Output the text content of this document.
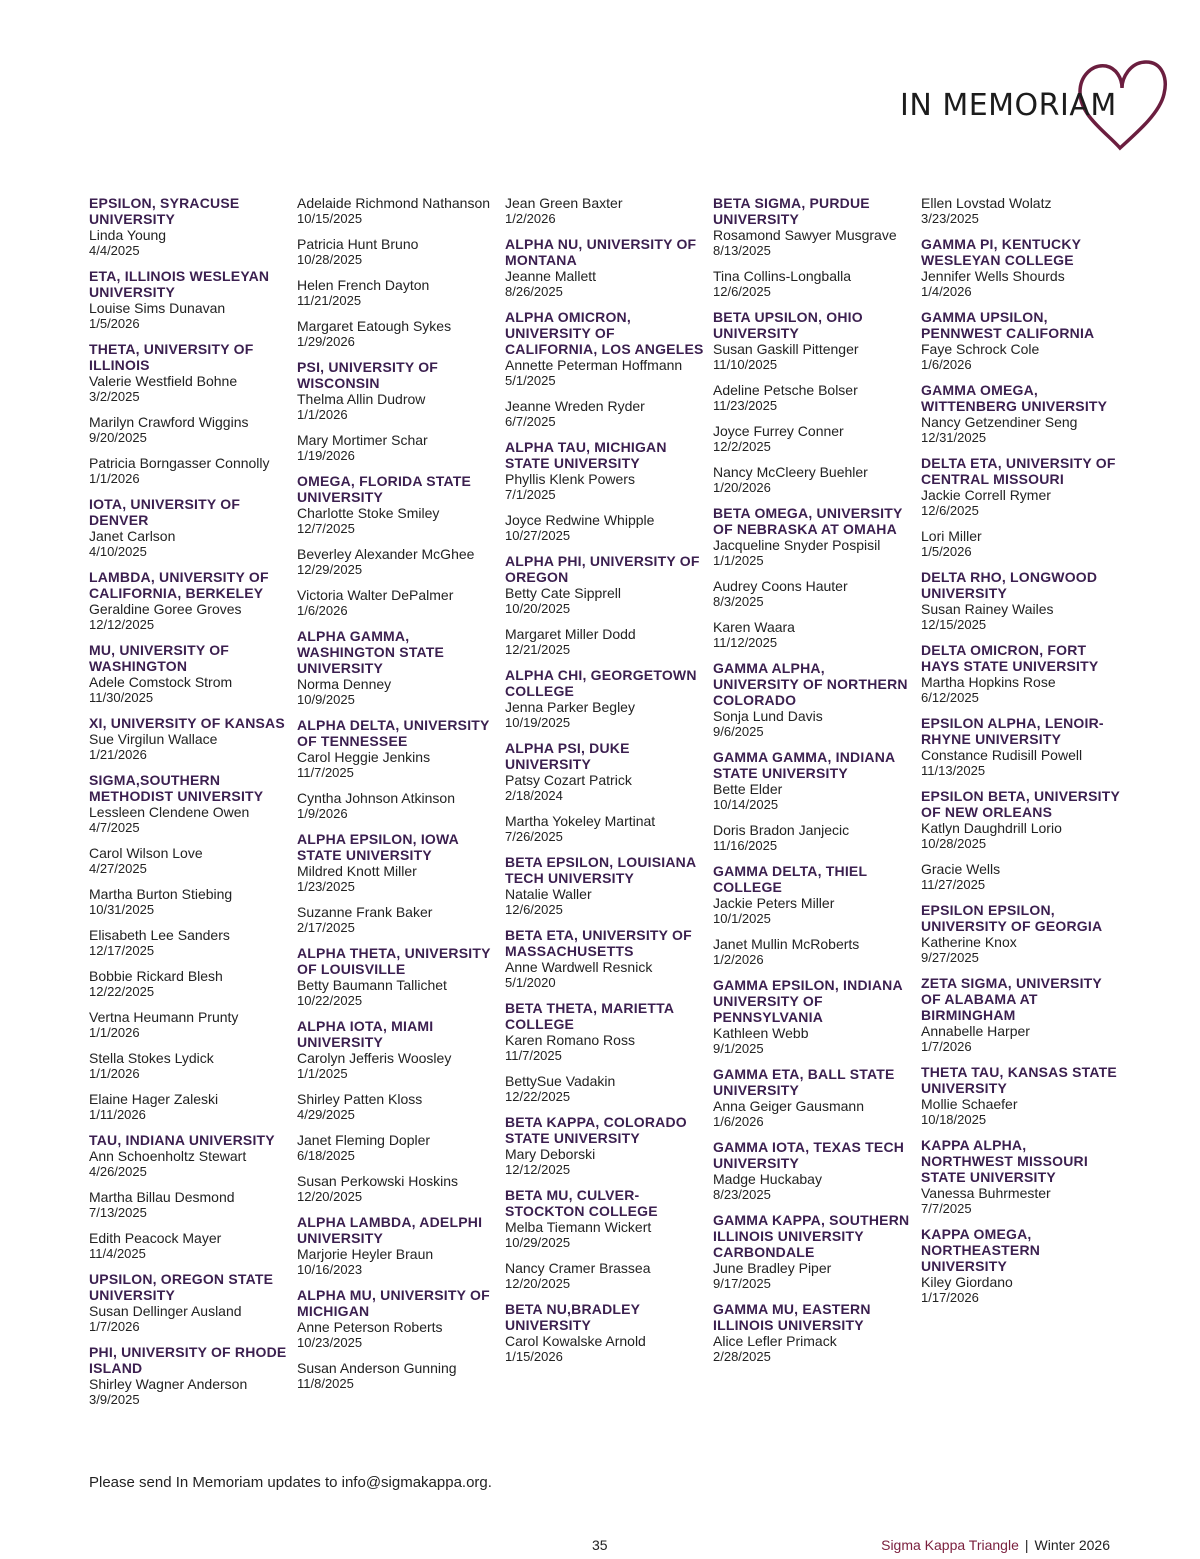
IN MEMORIAM
EPSILON, SYRACUSE UNIVERSITY
Linda Young
4/4/2025
ETA, ILLINOIS WESLEYAN UNIVERSITY
Louise Sims Dunavan
1/5/2026
THETA, UNIVERSITY OF ILLINOIS
Valerie Westfield Bohne
3/2/2025
Marilyn Crawford Wiggins
9/20/2025
Patricia Borngasser Connolly
1/1/2026
IOTA, UNIVERSITY OF DENVER
Janet Carlson
4/10/2025
LAMBDA, UNIVERSITY OF CALIFORNIA, BERKELEY
Geraldine Goree Groves
12/12/2025
MU, UNIVERSITY OF WASHINGTON
Adele Comstock Strom
11/30/2025
XI, UNIVERSITY OF KANSAS
Sue Virgilun Wallace
1/21/2026
SIGMA,SOUTHERN METHODIST UNIVERSITY
Lessleen Clendene Owen
4/7/2025
Carol Wilson Love
4/27/2025
Martha Burton Stiebing
10/31/2025
Elisabeth Lee Sanders
12/17/2025
Bobbie Rickard Blesh
12/22/2025
Vertna Heumann Prunty
1/1/2026
Stella Stokes Lydick
1/1/2026
Elaine Hager Zaleski
1/11/2026
TAU, INDIANA UNIVERSITY
Ann Schoenholtz Stewart
4/26/2025
Martha Billau Desmond
7/13/2025
Edith Peacock Mayer
11/4/2025
UPSILON, OREGON STATE UNIVERSITY
Susan Dellinger Ausland
1/7/2026
PHI, UNIVERSITY OF RHODE ISLAND
Shirley Wagner Anderson
3/9/2025
Adelaide Richmond Nathanson
10/15/2025
Patricia Hunt Bruno
10/28/2025
Helen French Dayton
11/21/2025
Margaret Eatough Sykes
1/29/2026
PSI, UNIVERSITY OF WISCONSIN
Thelma Allin Dudrow
1/1/2026
Mary Mortimer Schar
1/19/2026
OMEGA, FLORIDA STATE UNIVERSITY
Charlotte Stoke Smiley
12/7/2025
Beverley Alexander McGhee
12/29/2025
Victoria Walter DePalmer
1/6/2026
ALPHA GAMMA, WASHINGTON STATE UNIVERSITY
Norma Denney
10/9/2025
ALPHA DELTA, UNIVERSITY OF TENNESSEE
Carol Heggie Jenkins
11/7/2025
Cyntha Johnson Atkinson
1/9/2026
ALPHA EPSILON, IOWA STATE UNIVERSITY
Mildred Knott Miller
1/23/2025
Suzanne Frank Baker
2/17/2025
ALPHA THETA, UNIVERSITY OF LOUISVILLE
Betty Baumann Tallichet
10/22/2025
ALPHA IOTA, MIAMI UNIVERSITY
Carolyn Jefferis Woosley
1/1/2025
Shirley Patten Kloss
4/29/2025
Janet Fleming Dopler
6/18/2025
Susan Perkowski Hoskins
12/20/2025
ALPHA LAMBDA, ADELPHI UNIVERSITY
Marjorie Heyler Braun
10/16/2023
ALPHA MU, UNIVERSITY OF MICHIGAN
Anne Peterson Roberts
10/23/2025
Susan Anderson Gunning
11/8/2025
Jean Green Baxter
1/2/2026
ALPHA NU, UNIVERSITY OF MONTANA
Jeanne Mallett
8/26/2025
ALPHA OMICRON, UNIVERSITY OF CALIFORNIA, LOS ANGELES
Annette Peterman Hoffmann
5/1/2025
Jeanne Wreden Ryder
6/7/2025
ALPHA TAU, MICHIGAN STATE UNIVERSITY
Phyllis Klenk Powers
7/1/2025
Joyce Redwine Whipple
10/27/2025
ALPHA PHI, UNIVERSITY OF OREGON
Betty Cate Sipprell
10/20/2025
Margaret Miller Dodd
12/21/2025
ALPHA CHI, GEORGETOWN COLLEGE
Jenna Parker Begley
10/19/2025
ALPHA PSI, DUKE UNIVERSITY
Patsy Cozart Patrick
2/18/2024
Martha Yokeley Martinat
7/26/2025
BETA EPSILON, LOUISIANA TECH UNIVERSITY
Natalie Waller
12/6/2025
BETA ETA, UNIVERSITY OF MASSACHUSETTS
Anne Wardwell Resnick
5/1/2020
BETA THETA, MARIETTA COLLEGE
Karen Romano Ross
11/7/2025
BettySue Vadakin
12/22/2025
BETA KAPPA, COLORADO STATE UNIVERSITY
Mary Deborski
12/12/2025
BETA MU, CULVER-STOCKTON COLLEGE
Melba Tiemann Wickert
10/29/2025
Nancy Cramer Brassea
12/20/2025
BETA NU,BRADLEY UNIVERSITY
Carol Kowalske Arnold
1/15/2026
BETA SIGMA, PURDUE UNIVERSITY
Rosamond Sawyer Musgrave
8/13/2025
Tina Collins-Longballa
12/6/2025
BETA UPSILON, OHIO UNIVERSITY
Susan Gaskill Pittenger
11/10/2025
Adeline Petsche Bolser
11/23/2025
Joyce Furrey Conner
12/2/2025
Nancy McCleery Buehler
1/20/2026
BETA OMEGA, UNIVERSITY OF NEBRASKA AT OMAHA
Jacqueline Snyder Pospisil
1/1/2025
Audrey Coons Hauter
8/3/2025
Karen Waara
11/12/2025
GAMMA ALPHA, UNIVERSITY OF NORTHERN COLORADO
Sonja Lund Davis
9/6/2025
GAMMA GAMMA, INDIANA STATE UNIVERSITY
Bette Elder
10/14/2025
Doris Bradon Janjecic
11/16/2025
GAMMA DELTA, THIEL COLLEGE
Jackie Peters Miller
10/1/2025
Janet Mullin McRoberts
1/2/2026
GAMMA EPSILON, INDIANA UNIVERSITY OF PENNSYLVANIA
Kathleen Webb
9/1/2025
GAMMA ETA, BALL STATE UNIVERSITY
Anna Geiger Gausmann
1/6/2026
GAMMA IOTA, TEXAS TECH UNIVERSITY
Madge Huckabay
8/23/2025
GAMMA KAPPA, SOUTHERN ILLINOIS UNIVERSITY CARBONDALE
June Bradley Piper
9/17/2025
GAMMA MU, EASTERN ILLINOIS UNIVERSITY
Alice Lefler Primack
2/28/2025
Ellen Lovstad Wolatz
3/23/2025
GAMMA PI, KENTUCKY WESLEYAN COLLEGE
Jennifer Wells Shourds
1/4/2026
GAMMA UPSILON, PENNWEST CALIFORNIA
Faye Schrock Cole
1/6/2026
GAMMA OMEGA, WITTENBERG UNIVERSITY
Nancy Getzendiner Seng
12/31/2025
DELTA ETA, UNIVERSITY OF CENTRAL MISSOURI
Jackie Correll Rymer
12/6/2025
Lori Miller
1/5/2026
DELTA RHO, LONGWOOD UNIVERSITY
Susan Rainey Wailes
12/15/2025
DELTA OMICRON, FORT HAYS STATE UNIVERSITY
Martha Hopkins Rose
6/12/2025
EPSILON ALPHA, LENOIR-RHYNE UNIVERSITY
Constance Rudisill Powell
11/13/2025
EPSILON BETA, UNIVERSITY OF NEW ORLEANS
Katlyn Daughdrill Lorio
10/28/2025
Gracie Wells
11/27/2025
EPSILON EPSILON, UNIVERSITY OF GEORGIA
Katherine Knox
9/27/2025
ZETA SIGMA, UNIVERSITY OF ALABAMA AT BIRMINGHAM
Annabelle Harper
1/7/2026
THETA TAU, KANSAS STATE UNIVERSITY
Mollie Schaefer
10/18/2025
KAPPA ALPHA, NORTHWEST MISSOURI STATE UNIVERSITY
Vanessa Buhrmester
7/7/2025
KAPPA OMEGA, NORTHEASTERN UNIVERSITY
Kiley Giordano
1/17/2026
Please send In Memoriam updates to info@sigmakappa.org.
35	Sigma Kappa Triangle | Winter 2026
